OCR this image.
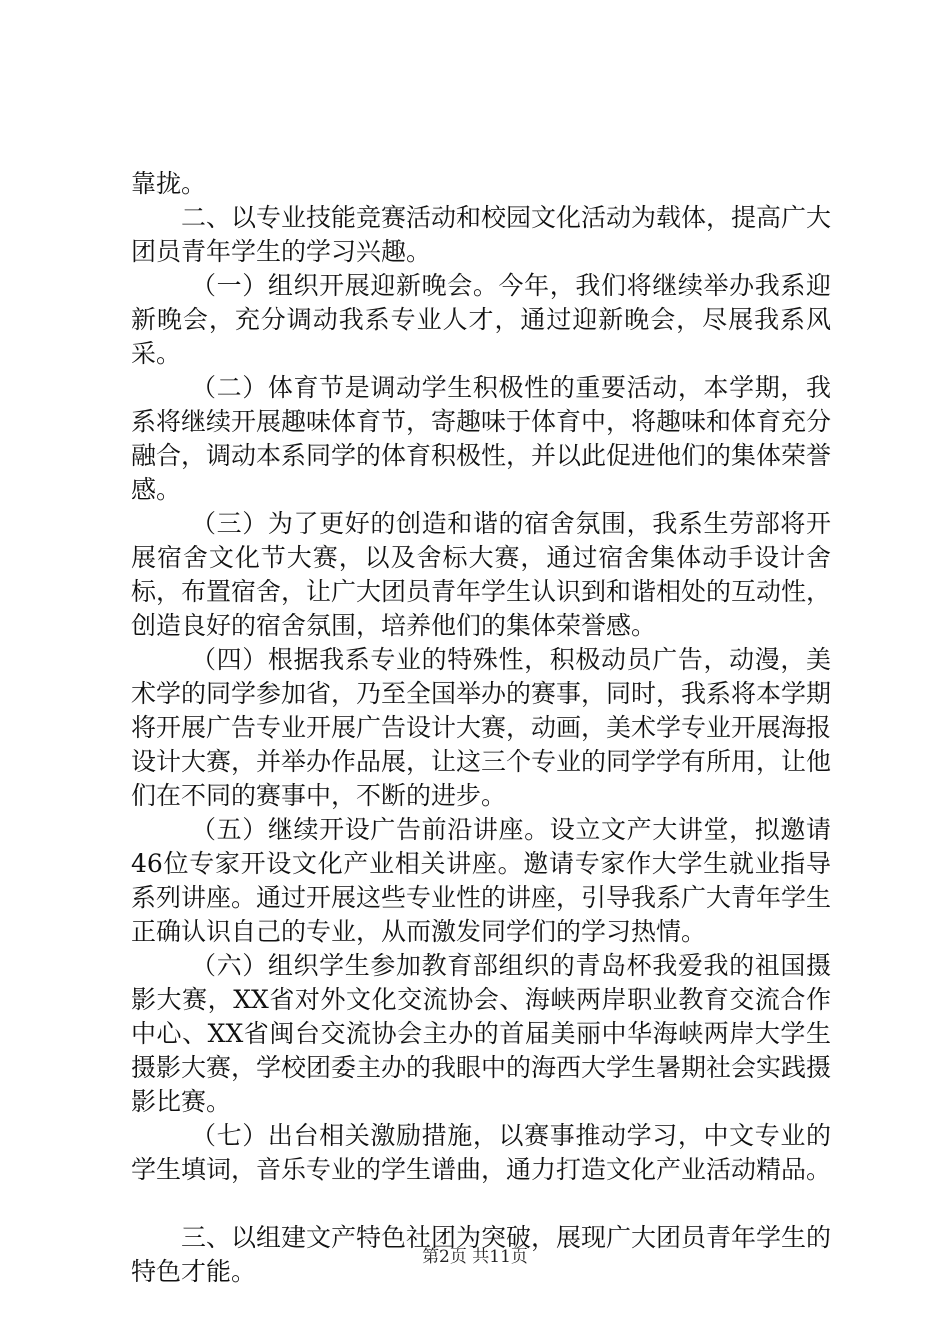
靠拢。

二、以专业技能竞赛活动和校园文化活动为载体，提高广大团员青年学生的学习兴趣。

（一）组织开展迎新晚会。今年，我们将继续举办我系迎新晚会，充分调动我系专业人才，通过迎新晚会，尽展我系风采。

（二）体育节是调动学生积极性的重要活动，本学期，我系将继续开展趣味体育节，寄趣味于体育中，将趣味和体育充分融合，调动本系同学的体育积极性，并以此促进他们的集体荣誉感。

（三）为了更好的创造和谐的宿舍氛围，我系生劳部将开展宿舍文化节大赛，以及舍标大赛，通过宿舍集体动手设计舍标，布置宿舍，让广大团员青年学生认识到和谐相处的互动性，创造良好的宿舍氛围，培养他们的集体荣誉感。

（四）根据我系专业的特殊性，积极动员广告，动漫，美术学的同学参加省，乃至全国举办的赛事，同时，我系将本学期将开展广告专业开展广告设计大赛，动画，美术学专业开展海报设计大赛，并举办作品展，让这三个专业的同学学有所用，让他们在不同的赛事中，不断的进步。

（五）继续开设广告前沿讲座。设立文产大讲堂，拟邀请46位专家开设文化产业相关讲座。邀请专家作大学生就业指导系列讲座。通过开展这些专业性的讲座，引导我系广大青年学生正确认识自己的专业，从而激发同学们的学习热情。

（六）组织学生参加教育部组织的青岛杯我爱我的祖国摄影大赛，XX省对外文化交流协会、海峡两岸职业教育交流合作中心、XX省闽台交流协会主办的首届美丽中华海峡两岸大学生摄影大赛，学校团委主办的我眼中的海西大学生暑期社会实践摄影比赛。

（七）出台相关激励措施，以赛事推动学习，中文专业的学生填词，音乐专业的学生谱曲，通力打造文化产业活动精品。

三、以组建文产特色社团为突破，展现广大团员青年学生的特色才能。	第2页 共11页
